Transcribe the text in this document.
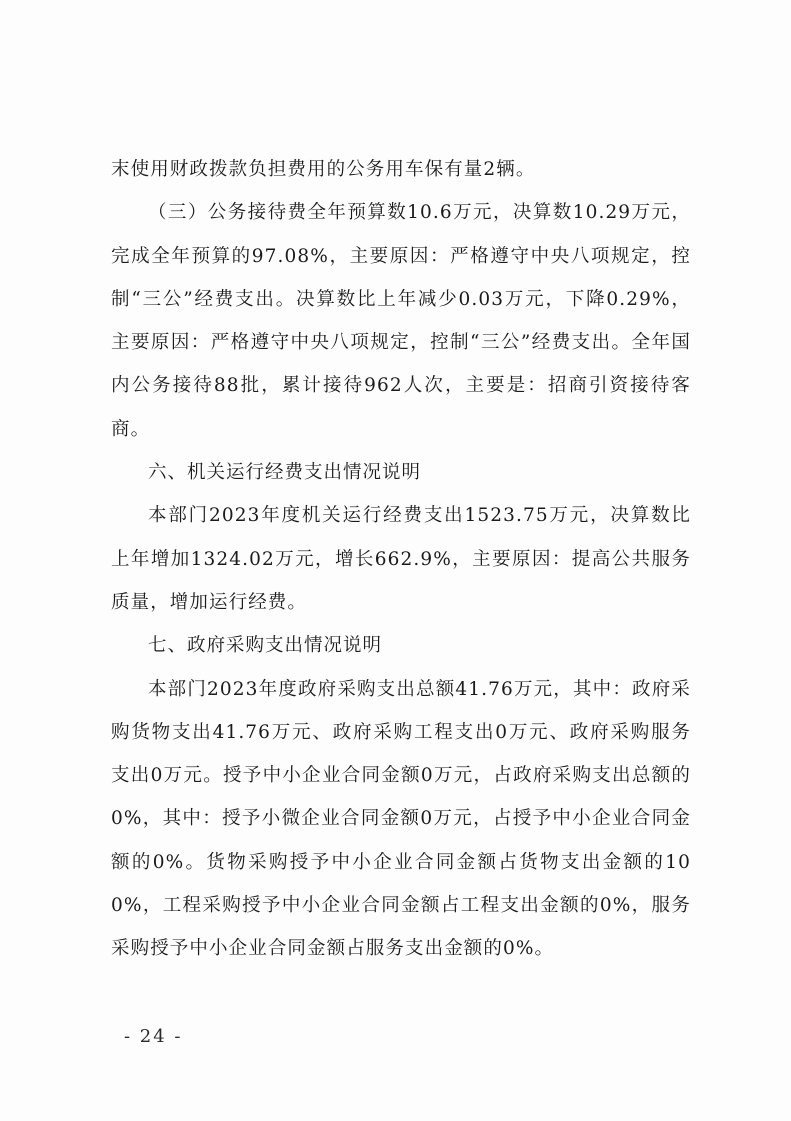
末使用财政拨款负担费用的公务用车保有量2辆。

（三）公务接待费全年预算数10.6万元，决算数10.29万元，完成全年预算的97.08%，主要原因：严格遵守中央八项规定，控制“三公”经费支出。决算数比上年减少0.03万元，下降0.29%，主要原因：严格遵守中央八项规定，控制“三公”经费支出。全年国内公务接待88批，累计接待962人次，主要是：招商引资接待客商。

六、机关运行经费支出情况说明

本部门2023年度机关运行经费支出1523.75万元，决算数比上年增加1324.02万元，增长662.9%，主要原因：提高公共服务质量，增加运行经费。

七、政府采购支出情况说明

本部门2023年度政府采购支出总额41.76万元，其中：政府采购货物支出41.76万元、政府采购工程支出0万元、政府采购服务支出0万元。授予中小企业合同金额0万元，占政府采购支出总额的0%，其中：授予小微企业合同金额0万元，占授予中小企业合同金额的0%。货物采购授予中小企业合同金额占货物支出金额的100%，工程采购授予中小企业合同金额占工程支出金额的0%，服务采购授予中小企业合同金额占服务支出金额的0%。

- 24 -
